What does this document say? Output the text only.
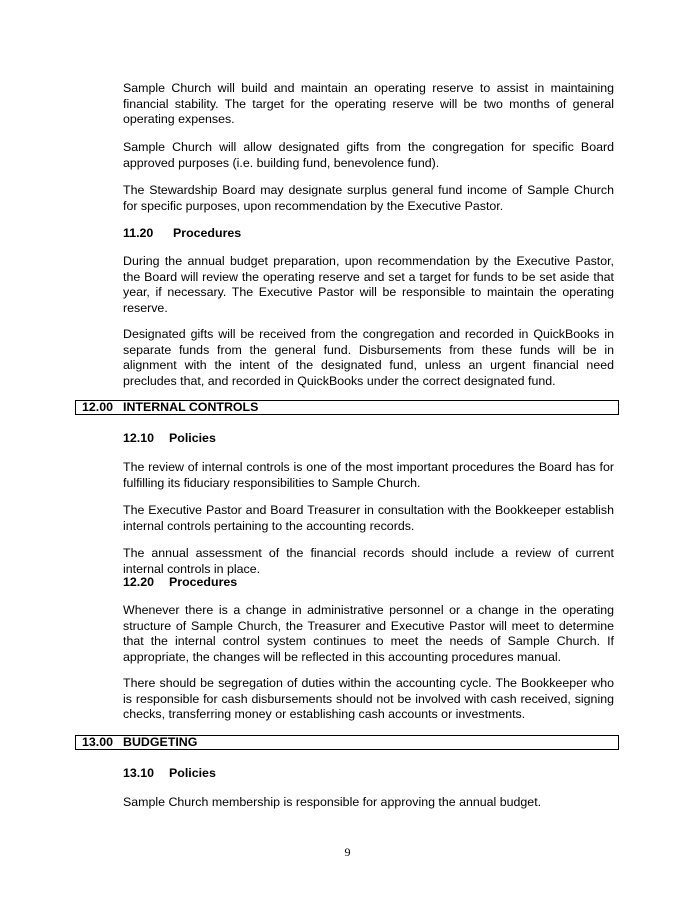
Sample Church will build and maintain an operating reserve to assist in maintaining financial stability. The target for the operating reserve will be two months of general operating expenses.

Sample Church will allow designated gifts from the congregation for specific Board approved purposes (i.e. building fund, benevolence fund).

The Stewardship Board may designate surplus general fund income of Sample Church for specific purposes, upon recommendation by the Executive Pastor.

11.20 Procedures

During the annual budget preparation, upon recommendation by the Executive Pastor, the Board will review the operating reserve and set a target for funds to be set aside that year, if necessary. The Executive Pastor will be responsible to maintain the operating reserve.

Designated gifts will be received from the congregation and recorded in QuickBooks in separate funds from the general fund. Disbursements from these funds will be in alignment with the intent of the designated fund, unless an urgent financial need precludes that, and recorded in QuickBooks under the correct designated fund.

12.00 INTERNAL CONTROLS
12.10 Policies

The review of internal controls is one of the most important procedures the Board has for fulfilling its fiduciary responsibilities to Sample Church.

The Executive Pastor and Board Treasurer in consultation with the Bookkeeper establish internal controls pertaining to the accounting records.

The annual assessment of the financial records should include a review of current internal controls in place.

12.20 Procedures

Whenever there is a change in administrative personnel or a change in the operating structure of Sample Church, the Treasurer and Executive Pastor will meet to determine that the internal control system continues to meet the needs of Sample Church. If appropriate, the changes will be reflected in this accounting procedures manual.

There should be segregation of duties within the accounting cycle. The Bookkeeper who is responsible for cash disbursements should not be involved with cash received, signing checks, transferring money or establishing cash accounts or investments.

13.00 BUDGETING
13.10 Policies

Sample Church membership is responsible for approving the annual budget.

9
